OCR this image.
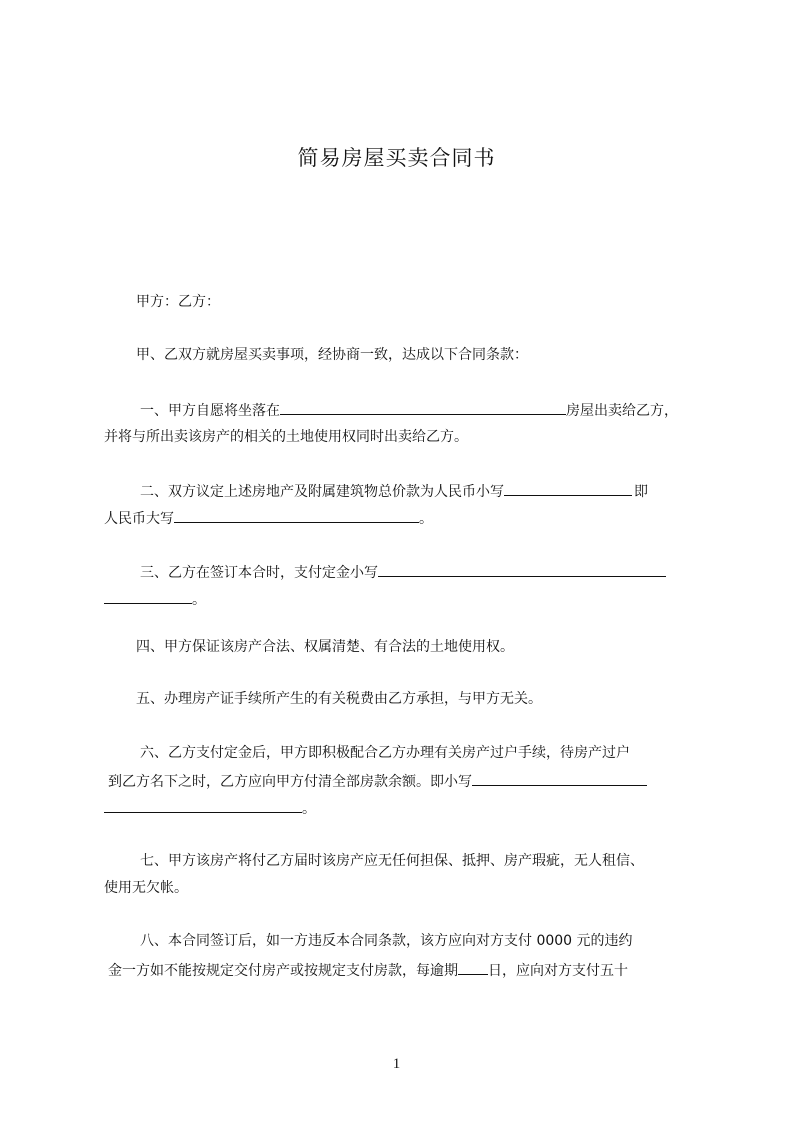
简易房屋买卖合同书
甲方：乙方：
甲、乙双方就房屋买卖事项，经协商一致，达成以下合同条款：
一、甲方自愿将坐落在	房屋出卖给乙方，
并将与所出卖该房产的相关的土地使用权同时出卖给乙方。
二、双方议定上述房地产及附属建筑物总价款为人民币小写	即
人民币大写	。
三、乙方在签订本合时，支付定金小写
。
四、甲方保证该房产合法、权属清楚、有合法的土地使用权。
五、办理房产证手续所产生的有关税费由乙方承担，与甲方无关。
六、乙方支付定金后，甲方即积极配合乙方办理有关房产过户手续，待房产过户
到乙方名下之时，乙方应向甲方付清全部房款余额。即小写
。
七、甲方该房产将付乙方届时该房产应无任何担保、抵押、房产瑕疵，无人租信、
使用无欠帐。
八、本合同签订后，如一方违反本合同条款，该方应向对方支付 0000 元的违约
金一方如不能按规定交付房产或按规定支付房款，每逾期 日，应向对方支付五十
1
